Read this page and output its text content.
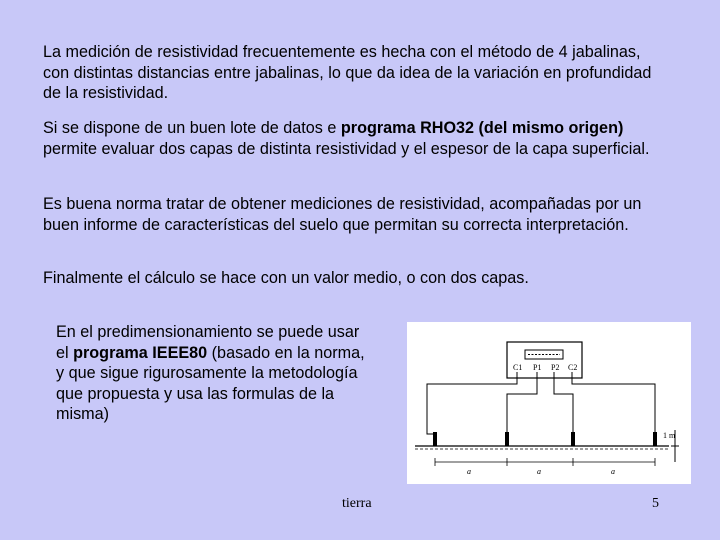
La medición de resistividad frecuentemente es hecha con el método de 4 jabalinas, con distintas distancias entre jabalinas, lo que da idea de la variación en profundidad de la resistividad.

Si se dispone de un buen lote de datos e programa RHO32 (del mismo origen) permite evaluar dos capas de distinta resistividad y el espesor de la capa superficial.

Es buena norma tratar de obtener mediciones de resistividad, acompañadas por un buen informe de características del suelo que permitan su correcta interpretación.

Finalmente el cálculo se hace con un valor medio, o con dos capas.

En el predimensionamiento se puede usar el programa IEEE80 (basado en la norma, y que sigue rigurosamente la metodología que propuesta y usa las formulas de la misma)

C1 P1 P2 C2
1 m
a	a	a
tierra	5
